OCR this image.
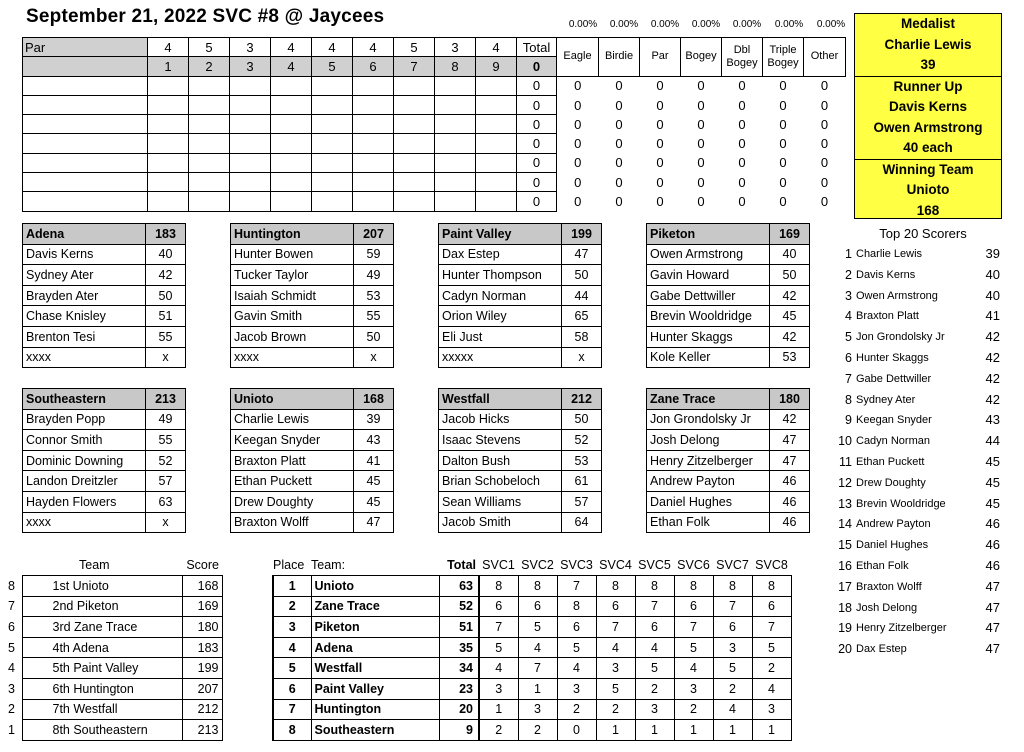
September 21, 2022 SVC #8 @ Jaycees	0.00%	0.00%	0.00%	0.00%	0.00%	0.00%	0.00%
Par	4	5	3	4	4	4	5	3	4	Total	Eagle	Birdie	Par	Bogey	Dbl Bogey	Triple Bogey	Other
	1	2	3	4	5	6	7	8	9	0							
										0	0	0	0	0	0	0	0
										0	0	0	0	0	0	0	0
										0	0	0	0	0	0	0	0
										0	0	0	0	0	0	0	0
										0	0	0	0	0	0	0	0
										0	0	0	0	0	0	0	0
										0	0	0	0	0	0	0	0
Medalist
Charlie Lewis
39
Runner Up
Davis Kerns
Owen Armstrong
40 each
Winning Team
Unioto
168
Adena	183
Davis Kerns	40
Sydney Ater	42
Brayden Ater	50
Chase Knisley	51
Brenton Tesi	55
xxxx	x
Huntington	207
Hunter Bowen	59
Tucker Taylor	49
Isaiah Schmidt	53
Gavin Smith	55
Jacob Brown	50
xxxx	x
Paint Valley	199
Dax Estep	47
Hunter Thompson	50
Cadyn Norman	44
Orion Wiley	65
Eli Just	58
xxxxx	x
Piketon	169
Owen Armstrong	40
Gavin Howard	50
Gabe Dettwiller	42
Brevin Wooldridge	45
Hunter Skaggs	42
Kole Keller	53
Southeastern	213
Brayden Popp	49
Connor Smith	55
Dominic Downing	52
Landon Dreitzler	57
Hayden Flowers	63
xxxx	x
Unioto	168
Charlie Lewis	39
Keegan Snyder	43
Braxton Platt	41
Ethan Puckett	45
Drew Doughty	45
Braxton Wolff	47
Westfall	212
Jacob Hicks	50
Isaac Stevens	52
Dalton Bush	53
Brian Schobeloch	61
Sean Williams	57
Jacob Smith	64
Zane Trace	180
Jon Grondolsky Jr	42
Josh Delong	47
Henry Zitzelberger	47
Andrew Payton	46
Daniel Hughes	46
Ethan Folk	46
Top 20 Scorers
1 Charlie Lewis	39
2 Davis Kerns	40
3 Owen Armstrong	40
4 Braxton Platt	41
5 Jon Grondolsky Jr	42
6 Hunter Skaggs	42
7 Gabe Dettwiller	42
8 Sydney Ater	42
9 Keegan Snyder	43
10 Cadyn Norman	44
11 Ethan Puckett	45
12 Drew Doughty	45
13 Brevin Wooldridge	45
14 Andrew Payton	46
15 Daniel Hughes	46
16 Ethan Folk	46
17 Braxton Wolff	47
18 Josh Delong	47
19 Henry Zitzelberger	47
20 Dax Estep	47
	Team	Score
8	1st Unioto	168
7	2nd Piketon	169
6	3rd Zane Trace	180
5	4th Adena	183
4	5th Paint Valley	199
3	6th Huntington	207
2	7th Westfall	212
1	8th Southeastern	213
Place	Team:	Total	SVC1	SVC2	SVC3	SVC4	SVC5	SVC6	SVC7	SVC8
1	Unioto	63	8	8	7	8	8	8	8	8
2	Zane Trace	52	6	6	8	6	7	6	7	6
3	Piketon	51	7	5	6	7	6	7	6	7
4	Adena	35	5	4	5	4	4	5	3	5
5	Westfall	34	4	7	4	3	5	4	5	2
6	Paint Valley	23	3	1	3	5	2	3	2	4
7	Huntington	20	1	3	2	2	3	2	4	3
8	Southeastern	9	2	2	0	1	1	1	1	1
